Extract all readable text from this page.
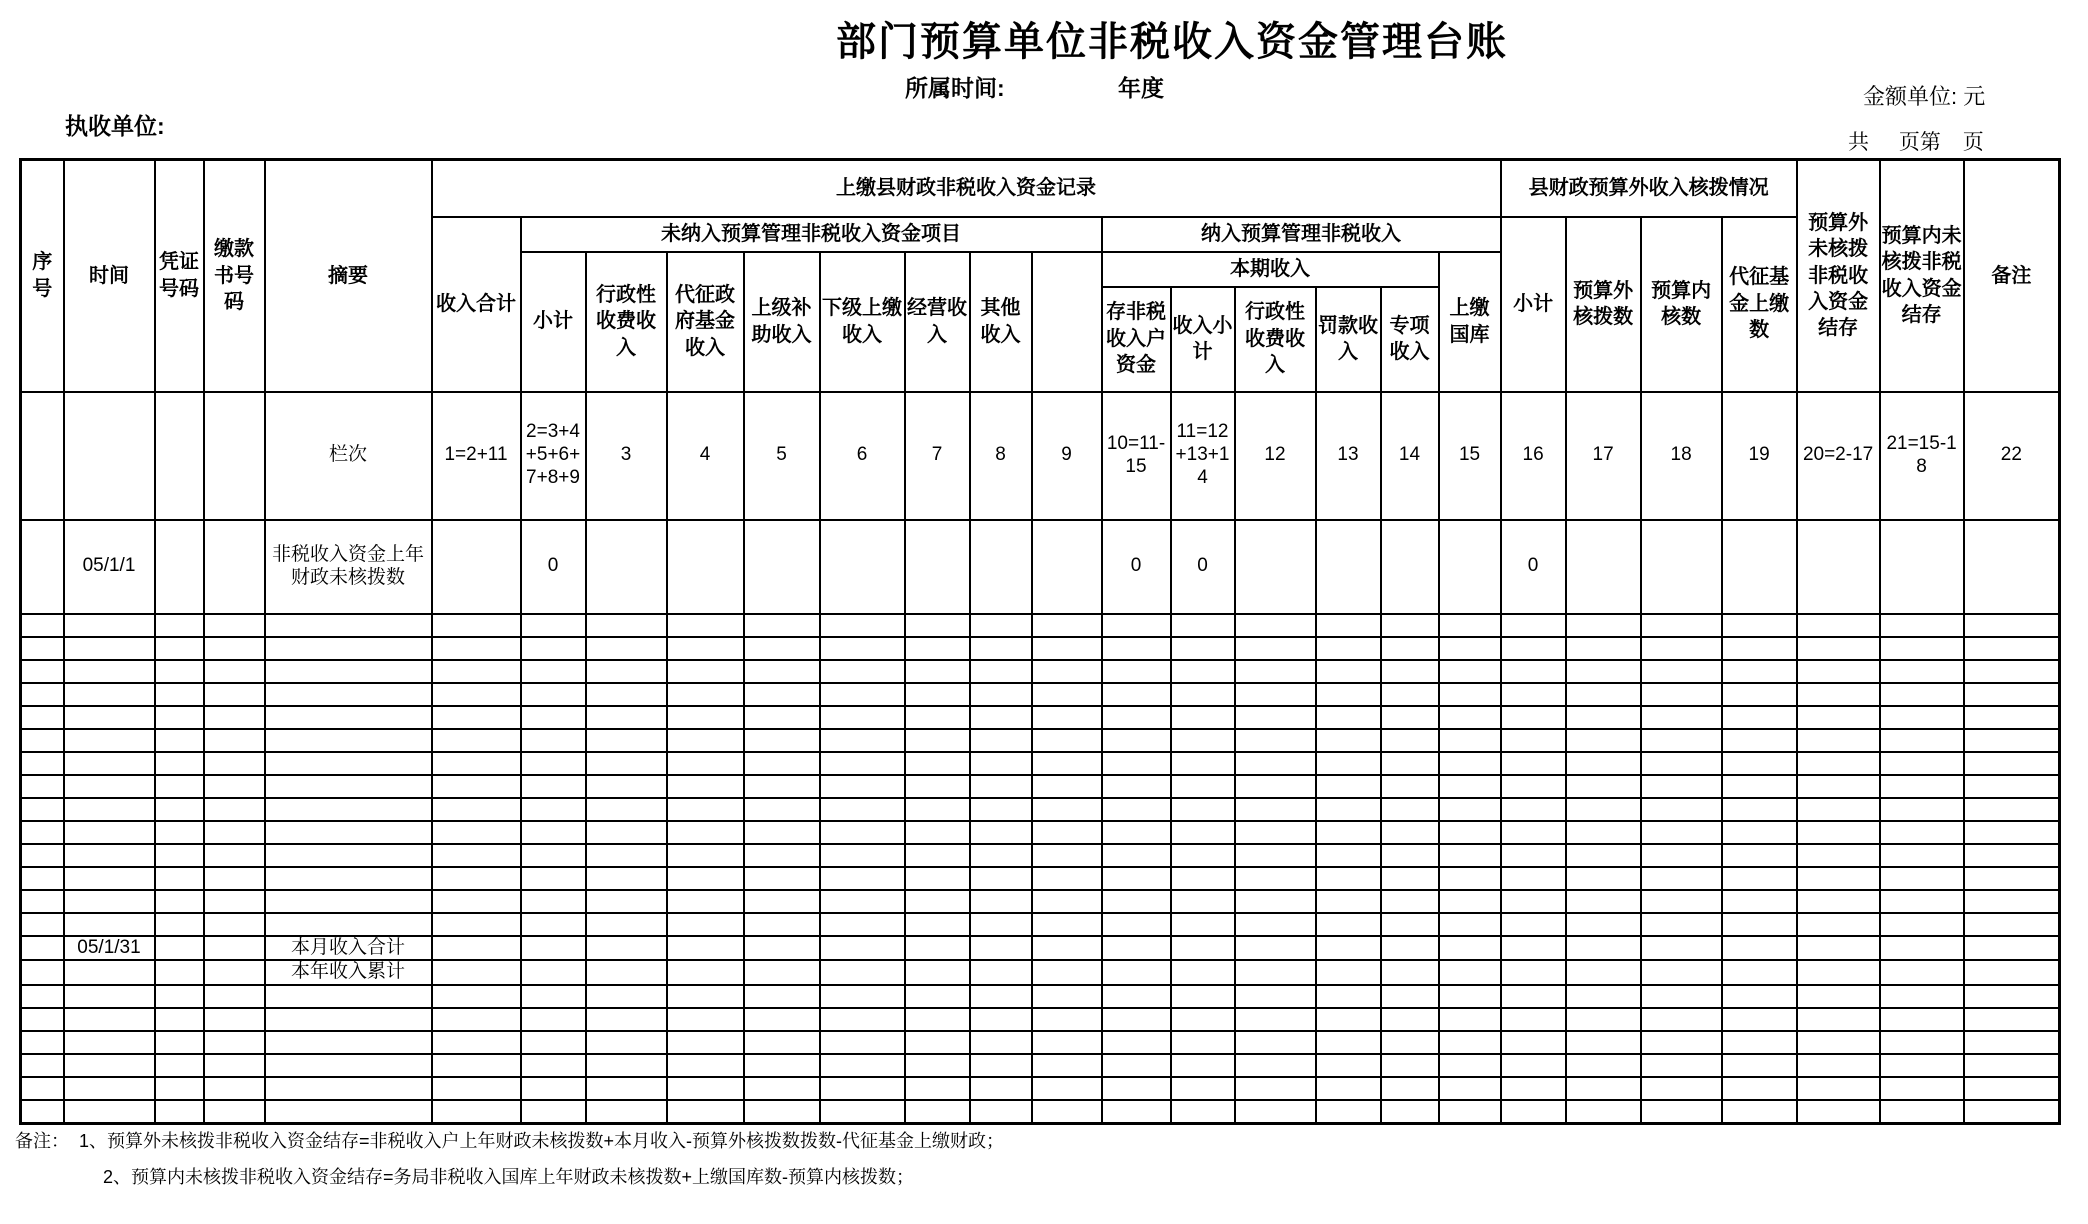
部门预算单位非税收入资金管理台账
所属时间:	年度	金额单位: 元
执收单位:
共 页第 页
序号	时间	凭证号码	缴款书号码	摘要	上缴县财政非税收入资金记录															县财政预算外收入核拨情况				预算外未核拨非税收入资金结存	预算内未核拨非税收入资金结存	备注
					收入合计	未纳入预算管理非税收入资金项目								纳入预算管理非税收入						小计	预算外核拨数	预算内核数	代征基金上缴数			
						小计	行政性收费收入	代征政府基金收入	上级补助收入	下级上缴收入	经营收入	其他收入		本期收入					上缴国库							
														存非税收入户资金	收入小计	行政性收费收入	罚款收入	专项收入								
				栏次	1=2+11	2=3+4+5+6+7+8+9	3	4	5	6	7	8	9	10=11-15	11=12+13+14	12	13	14	15	16	17	18	19	20=2-17	21=15-18	22
	05/1/1			非税收入资金上年财政未核拨数		0								0	0					0						

	05/1/31			本月收入合计																						
				本年收入累计																						

备注： 1、预算外未核拨非税收入资金结存=非税收入户上年财政未核拨数+本月收入-预算外核拨数拨数-代征基金上缴财政；
2、预算内未核拨非税收入资金结存=务局非税收入国库上年财政未核拨数+上缴国库数-预算内核拨数；
